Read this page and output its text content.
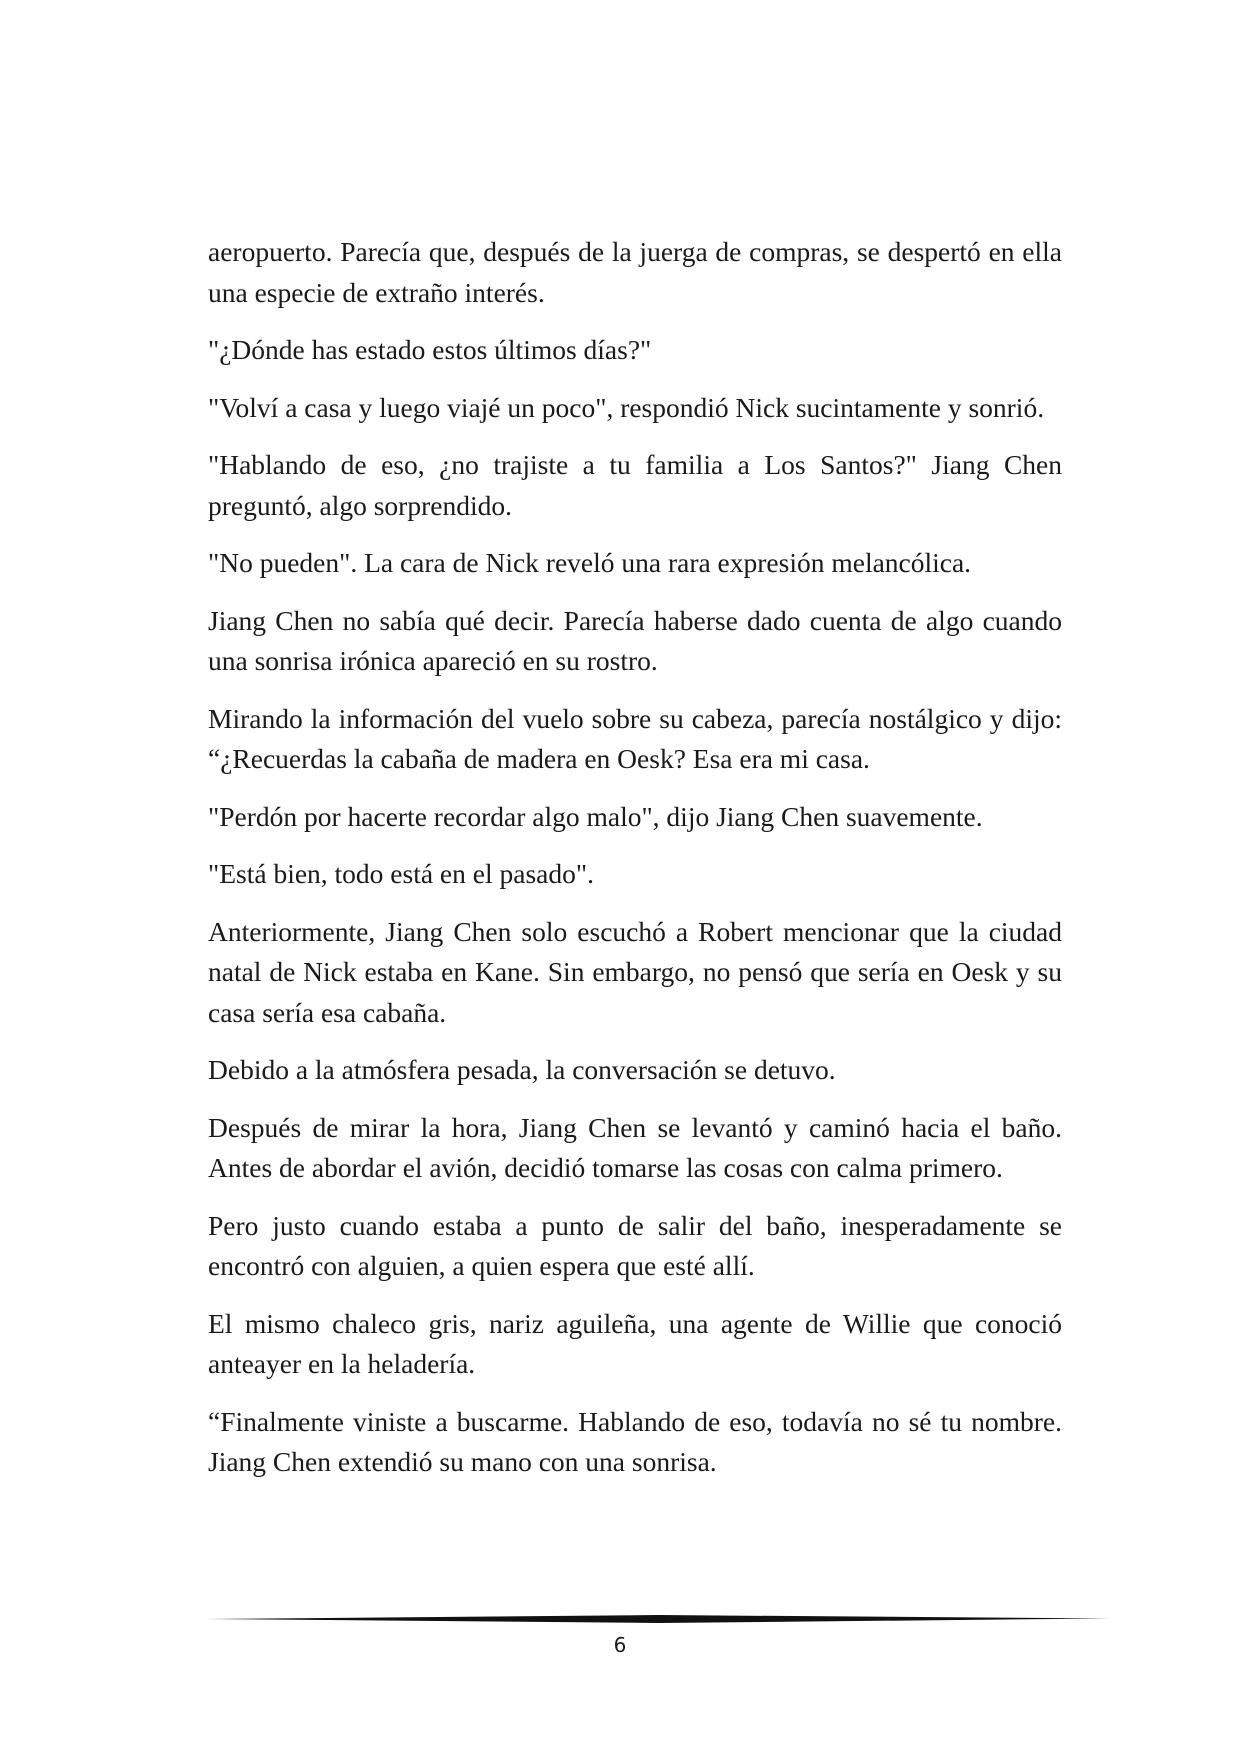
aeropuerto. Parecía que, después de la juerga de compras, se despertó en ella una especie de extraño interés.

"¿Dónde has estado estos últimos días?"

"Volví a casa y luego viajé un poco", respondió Nick sucintamente y sonrió.

"Hablando de eso, ¿no trajiste a tu familia a Los Santos?" Jiang Chen preguntó, algo sorprendido.

"No pueden". La cara de Nick reveló una rara expresión melancólica.

Jiang Chen no sabía qué decir. Parecía haberse dado cuenta de algo cuando una sonrisa irónica apareció en su rostro.

Mirando la información del vuelo sobre su cabeza, parecía nostálgico y dijo: “¿Recuerdas la cabaña de madera en Oesk? Esa era mi casa.

"Perdón por hacerte recordar algo malo", dijo Jiang Chen suavemente.

"Está bien, todo está en el pasado".

Anteriormente, Jiang Chen solo escuchó a Robert mencionar que la ciudad natal de Nick estaba en Kane. Sin embargo, no pensó que sería en Oesk y su casa sería esa cabaña.

Debido a la atmósfera pesada, la conversación se detuvo.

Después de mirar la hora, Jiang Chen se levantó y caminó hacia el baño. Antes de abordar el avión, decidió tomarse las cosas con calma primero.

Pero justo cuando estaba a punto de salir del baño, inesperadamente se encontró con alguien, a quien espera que esté allí.

El mismo chaleco gris, nariz aguileña, una agente de Willie que conoció anteayer en la heladería.

“Finalmente viniste a buscarme. Hablando de eso, todavía no sé tu nombre. Jiang Chen extendió su mano con una sonrisa.

6
